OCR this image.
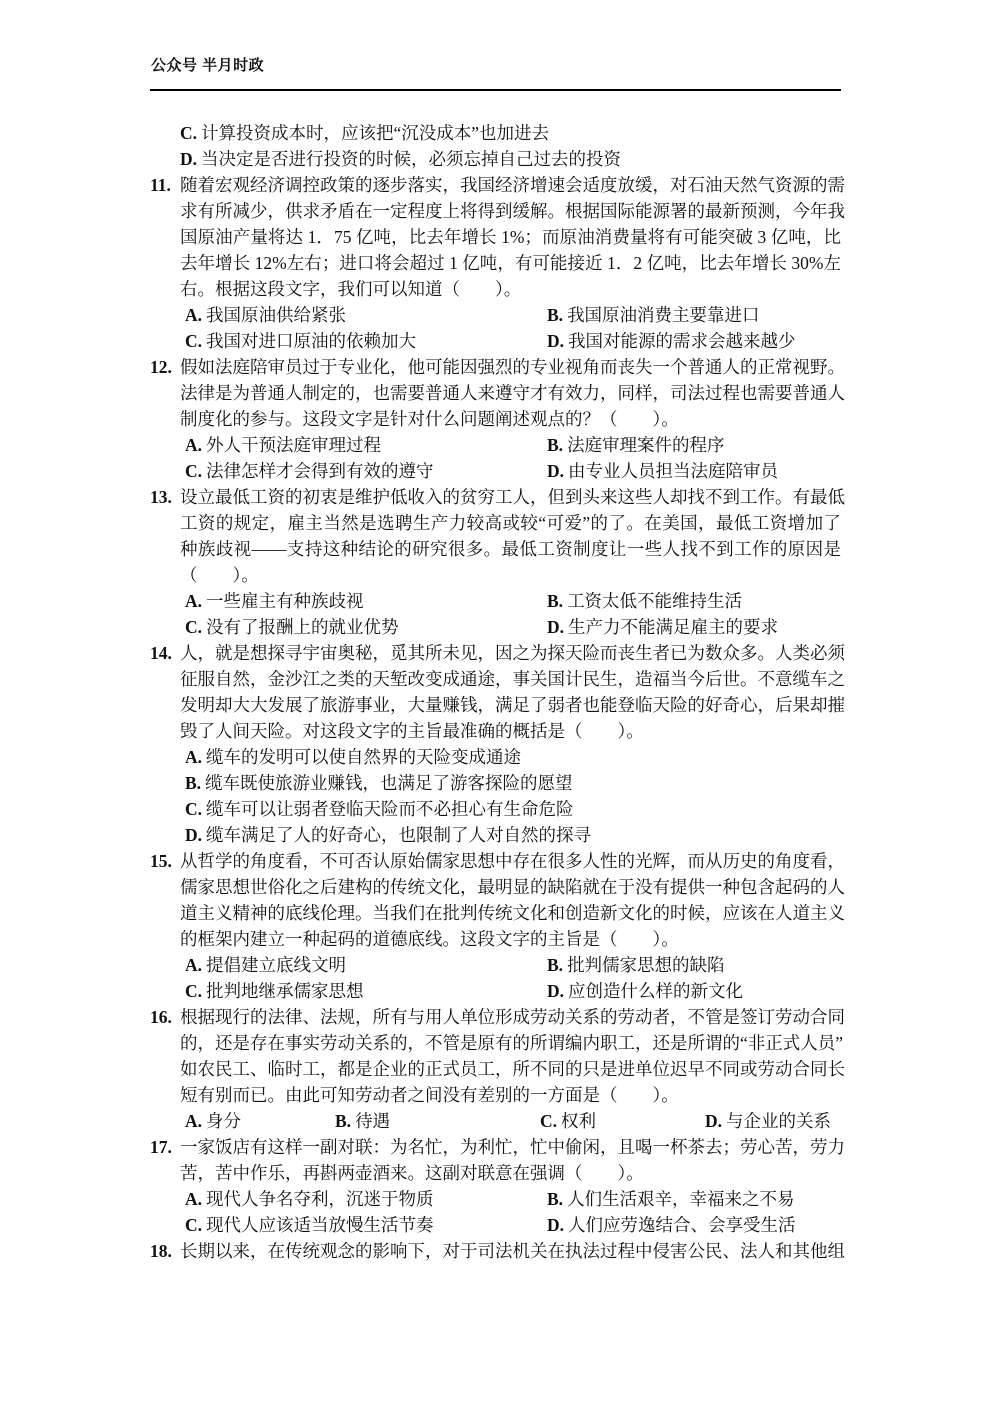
公众号 半月时政
C. 计算投资成本时，应该把“沉没成本”也加进去
D. 当决定是否进行投资的时候，必须忘掉自己过去的投资
11. 随着宏观经济调控政策的逐步落实，我国经济增速会适度放缓，对石油天然气资源的需
求有所减少，供求矛盾在一定程度上将得到缓解。根据国际能源署的最新预测，今年我
国原油产量将达 1．75 亿吨，比去年增长 1%；而原油消费量将有可能突破 3 亿吨，比
去年增长 12%左右；进口将会超过 1 亿吨，有可能接近 1．2 亿吨，比去年增长 30%左
右。根据这段文字，我们可以知道（　　）。
A. 我国原油供给紧张	B. 我国原油消费主要靠进口
C. 我国对进口原油的依赖加大	D. 我国对能源的需求会越来越少
12. 假如法庭陪审员过于专业化，他可能因强烈的专业视角而丧失一个普通人的正常视野。
法律是为普通人制定的，也需要普通人来遵守才有效力，同样，司法过程也需要普通人
制度化的参与。这段文字是针对什么问题阐述观点的？（　　）。
A. 外人干预法庭审理过程	B. 法庭审理案件的程序
C. 法律怎样才会得到有效的遵守	D. 由专业人员担当法庭陪审员
13. 设立最低工资的初衷是维护低收入的贫穷工人，但到头来这些人却找不到工作。有最低
工资的规定，雇主当然是选聘生产力较高或较“可爱”的了。在美国，最低工资增加了
种族歧视——支持这种结论的研究很多。最低工资制度让一些人找不到工作的原因是
（　　）。
A. 一些雇主有种族歧视	B. 工资太低不能维持生活
C. 没有了报酬上的就业优势	D. 生产力不能满足雇主的要求
14. 人，就是想探寻宇宙奥秘，觅其所未见，因之为探天险而丧生者已为数众多。人类必须
征服自然，金沙江之类的天堑改变成通途，事关国计民生，造福当今后世。不意缆车之
发明却大大发展了旅游事业，大量赚钱，满足了弱者也能登临天险的好奇心，后果却摧
毁了人间天险。对这段文字的主旨最准确的概括是（　　）。
A. 缆车的发明可以使自然界的天险变成通途
B. 缆车既使旅游业赚钱，也满足了游客探险的愿望
C. 缆车可以让弱者登临天险而不必担心有生命危险
D. 缆车满足了人的好奇心，也限制了人对自然的探寻
15. 从哲学的角度看，不可否认原始儒家思想中存在很多人性的光辉，而从历史的角度看，
儒家思想世俗化之后建构的传统文化，最明显的缺陷就在于没有提供一种包含起码的人
道主义精神的底线伦理。当我们在批判传统文化和创造新文化的时候，应该在人道主义
的框架内建立一种起码的道德底线。这段文字的主旨是（　　）。
A. 提倡建立底线文明	B. 批判儒家思想的缺陷
C. 批判地继承儒家思想	D. 应创造什么样的新文化
16. 根据现行的法律、法规，所有与用人单位形成劳动关系的劳动者，不管是签订劳动合同
的，还是存在事实劳动关系的，不管是原有的所谓编内职工，还是所谓的“非正式人员”
如农民工、临时工，都是企业的正式员工，所不同的只是进单位迟早不同或劳动合同长
短有别而已。由此可知劳动者之间没有差别的一方面是（　　）。
A. 身分	B. 待遇	C. 权利	D. 与企业的关系
17. 一家饭店有这样一副对联：为名忙，为利忙，忙中偷闲，且喝一杯茶去；劳心苦，劳力
苦，苦中作乐，再斟两壶酒来。这副对联意在强调（　　）。
A. 现代人争名夺利，沉迷于物质	B. 人们生活艰辛，幸福来之不易
C. 现代人应该适当放慢生活节奏	D. 人们应劳逸结合、会享受生活
18. 长期以来，在传统观念的影响下，对于司法机关在执法过程中侵害公民、法人和其他组
